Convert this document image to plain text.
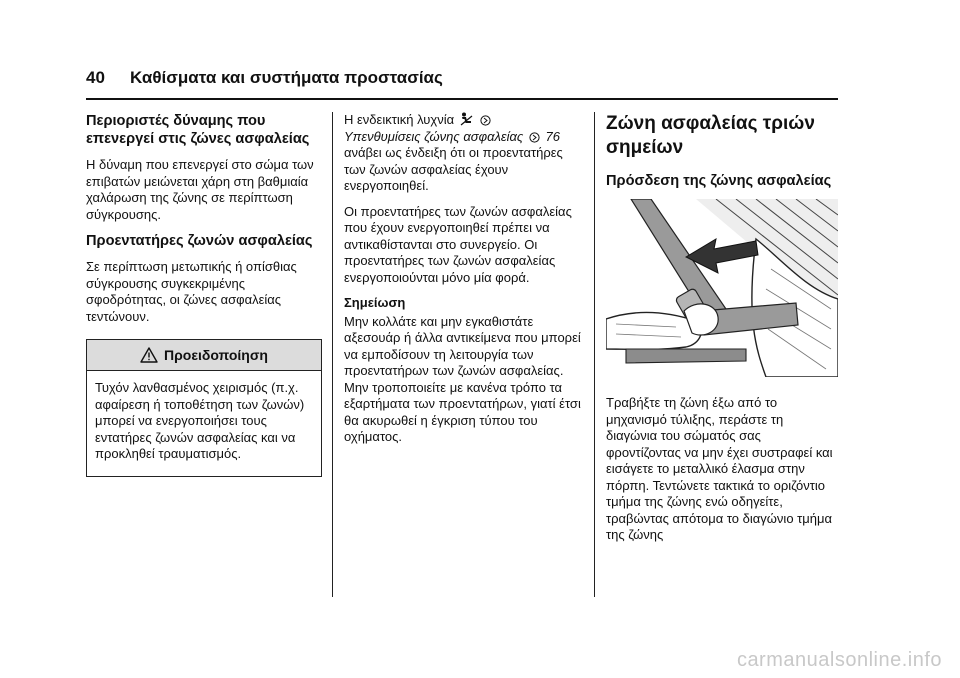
40 Καθίσματα και συστήματα προστασίας
Περιοριστές δύναμης που επενεργεί στις ζώνες ασφαλείας

Η δύναμη που επενεργεί στο σώμα των επιβατών μειώνεται χάρη στη βαθμιαία χαλάρωση της ζώνης σε περίπτωση σύγκρουσης.

Προεντατήρες ζωνών ασφαλείας

Σε περίπτωση μετωπικής ή οπίσθιας σύγκρουσης συγκεκριμένης σφοδρότητας, οι ζώνες ασφαλείας τεντώνουν.

Προειδοποίηση

Τυχόν λανθασμένος χειρισμός (π.χ. αφαίρεση ή τοποθέτηση των ζωνών) μπορεί να ενεργοποιήσει τους εντατήρες ζωνών ασφαλείας και να προκληθεί τραυματισμός.

Η ενδεικτική λυχνία
Υπενθυμίσεις ζώνης ασφαλείας 76 ανάβει ως ένδειξη ότι οι προεντατήρες των ζωνών ασφαλείας έχουν ενεργοποιηθεί.

Οι προεντατήρες των ζωνών ασφαλείας που έχουν ενεργοποιηθεί πρέπει να αντικαθίστανται στο συνεργείο. Οι προεντατήρες των ζωνών ασφαλείας ενεργοποιούνται μόνο μία φορά.

Σημείωση

Μην κολλάτε και μην εγκαθιστάτε αξεσουάρ ή άλλα αντικείμενα που μπορεί να εμποδίσουν τη λειτουργία των προεντατήρων των ζωνών ασφαλείας. Μην τροποποιείτε με κανένα τρόπο τα εξαρτήματα των προεντατήρων, γιατί έτσι θα ακυρωθεί η έγκριση τύπου του οχήματος.

Ζώνη ασφαλείας τριών σημείων
Πρόσδεση της ζώνης ασφαλείας

Τραβήξτε τη ζώνη έξω από το μηχανισμό τύλιξης, περάστε τη διαγώνια του σώματός σας φροντίζοντας να μην έχει συστραφεί και εισάγετε το μεταλλικό έλασμα στην πόρπη. Τεντώνετε τακτικά το οριζόντιο τμήμα της ζώνης ενώ οδηγείτε, τραβώντας απότομα το διαγώνιο τμήμα της ζώνης

carmanualsonline.info
